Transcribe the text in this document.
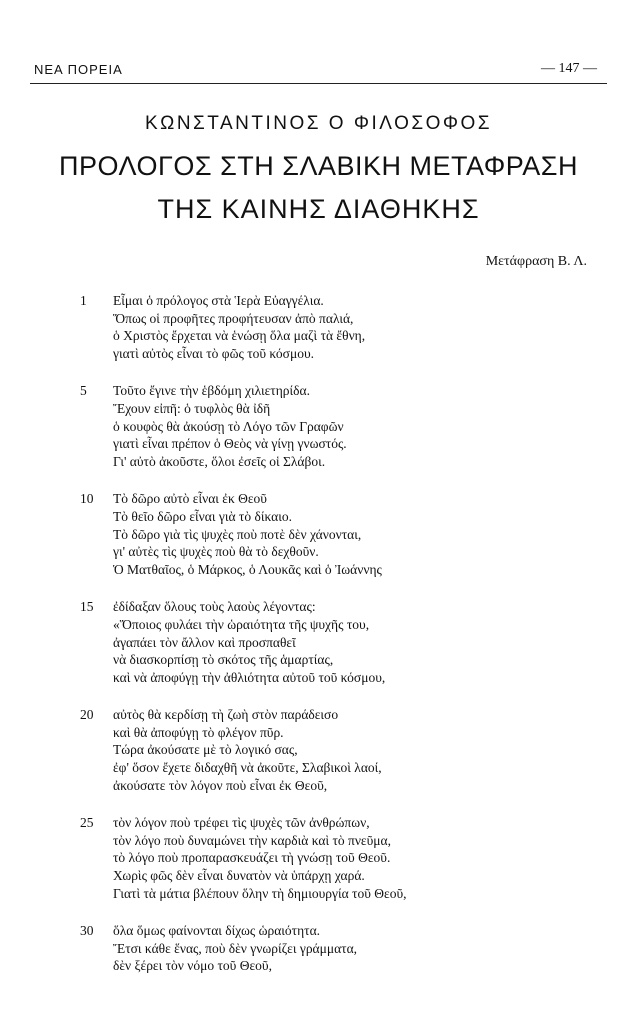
ΝΕΑ ΠΟΡΕΙΑ	— 147 —
ΚΩΝΣΤΑΝΤΙΝΟΣ Ο ΦΙΛΟΣΟΦΟΣ
ΠΡΟΛΟΓΟΣ ΣΤΗ ΣΛΑΒΙΚΗ ΜΕΤΑΦΡΑΣΗ
ΤΗΣ ΚΑΙΝΗΣ ΔΙΑΘΗΚΗΣ
Μετάφραση Β. Λ.
1	Εἶμαι ὁ πρόλογος στὰ Ἱερὰ Εὐαγγέλια.
Ὅπως οἱ προφῆτες προφήτευσαν ἀπὸ παλιά,
ὁ Χριστὸς ἔρχεται νὰ ἑνώσῃ ὅλα μαζὶ τὰ ἔθνη,
γιατὶ αὐτὸς εἶναι τὸ φῶς τοῦ κόσμου.
5	Τοῦτο ἔγινε τὴν ἑβδόμη χιλιετηρίδα.
Ἔχουν εἰπῆ: ὁ τυφλὸς θὰ ἰδῆ
ὁ κουφὸς θὰ ἀκούσῃ τὸ Λόγο τῶν Γραφῶν
γιατὶ εἶναι πρέπον ὁ Θεὸς νὰ γίνῃ γνωστός.
Γι' αὐτὸ ἀκοῦστε, ὅλοι ἐσεῖς οἱ Σλάβοι.
10	Τὸ δῶρο αὐτὸ εἶναι ἐκ Θεοῦ
Τὸ θεῖο δῶρο εἶναι γιὰ τὸ δίκαιο.
Τὸ δῶρο γιὰ τὶς ψυχὲς ποὺ ποτὲ δὲν χάνονται,
γι' αὐτὲς τὶς ψυχὲς ποὺ θὰ τὸ δεχθοῦν.
Ὁ Ματθαῖος, ὁ Μάρκος, ὁ Λουκᾶς καὶ ὁ Ἰωάννης
15	ἐδίδαξαν ὅλους τοὺς λαοὺς λέγοντας:
«Ὅποιος φυλάει τὴν ὡραιότητα τῆς ψυχῆς του,
ἀγαπάει τὸν ἄλλον καὶ προσπαθεῖ
νὰ διασκορπίσῃ τὸ σκότος τῆς ἁμαρτίας,
καὶ νὰ ἀποφύγῃ τὴν ἀθλιότητα αὐτοῦ τοῦ κόσμου,
20	αὐτὸς θὰ κερδίσῃ τὴ ζωὴ στὸν παράδεισο
καὶ θὰ ἀποφύγῃ τὸ φλέγον πῦρ.
Τώρα ἀκούσατε μὲ τὸ λογικό σας,
ἐφ' ὅσον ἔχετε διδαχθῆ νὰ ἀκοῦτε, Σλαβικοὶ λαοί,
ἀκούσατε τὸν λόγον ποὺ εἶναι ἐκ Θεοῦ,
25	τὸν λόγον ποὺ τρέφει τὶς ψυχὲς τῶν ἀνθρώπων,
τὸν λόγο ποὺ δυναμώνει τὴν καρδιὰ καὶ τὸ πνεῦμα,
τὸ λόγο ποὺ προπαρασκευάζει τὴ γνώσῃ τοῦ Θεοῦ.
Χωρὶς φῶς δὲν εἶναι δυνατὸν νὰ ὑπάρχῃ χαρά.
Γιατὶ τὰ μάτια βλέπουν ὅλην τὴ δημιουργία τοῦ Θεοῦ,
30	ὅλα ὅμως φαίνονται δίχως ὡραιότητα.
Ἔτσι κάθε ἕνας, ποὺ δὲν γνωρίζει γράμματα,
δὲν ξέρει τὸν νόμο τοῦ Θεοῦ,
